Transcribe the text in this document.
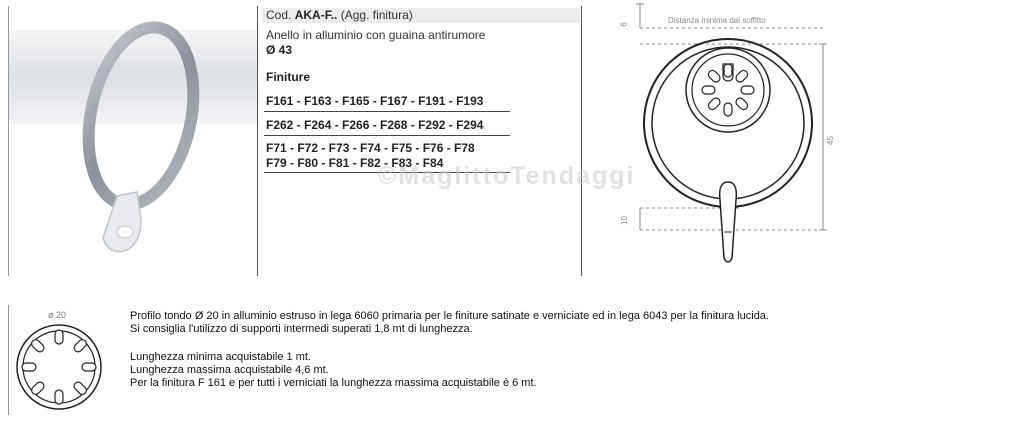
Cod. AKA-F.. (Agg. finitura)
Anello in alluminio con guaina antirumore
Ø 43
Finiture
F161 - F163 - F165 - F167 - F191 - F193
F262 - F264 - F266 - F268 - F292 - F294
F71 - F72 - F73 - F74 - F75 - F76 - F78
F79 - F80 - F81 - F82 - F83 - F84
©MaglittoTendaggi
Distanza minima dal soffitto
6
45
10
ø 20	Profilo tondo Ø 20 in alluminio estruso in lega 6060 primaria per le finiture satinate e verniciate ed in lega 6043 per la finitura lucida.
Si consiglia l'utilizzo di supporti intermedi superati 1,8 mt di lunghezza.
Lunghezza minima acquistabile 1 mt.
Lunghezza massima acquistabile 4,6 mt.
Per la finitura F 161 e per tutti i verniciati la lunghezza massima acquistabile è 6 mt.
